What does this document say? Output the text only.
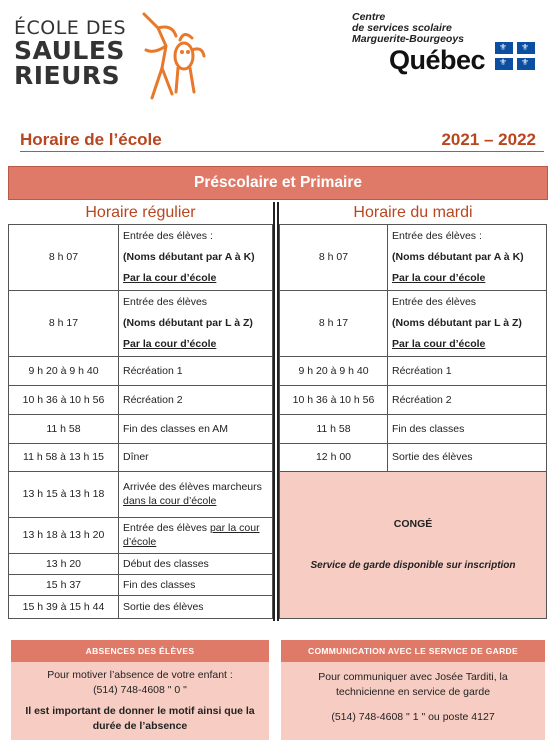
ÉCOLE DES
SAULES
RIEURS
Centre
de services scolaire
Marguerite-Bourgeoys
Québec ⚜ ⚜
⚜ ⚜
Horaire de l’école	2021 – 2022
Préscolaire et Primaire
Horaire régulier	
8 h 07	Entrée des élèves :
(Noms débutant par A à K)
Par la cour d’école

8 h 17	Entrée des élèves
(Noms débutant par L à Z)
Par la cour d’école

9 h 20 à 9 h 40	Récréation 1
10 h 36 à 10 h 56	Récréation 2
11 h 58	Fin des classes en AM
11 h 58 à 13 h 15	Dîner
13 h 15 à 13 h 18	Arrivée des élèves marcheurs dans la cour d’école

13 h 18 à 13 h 20	Entrée des élèves par la cour d’école

13 h 20	Début des classes
15 h 37	Fin des classes
15 h 39 à 15 h 44	Sortie des élèves
Horaire du mardi	
8 h 07	Entrée des élèves :
(Noms débutant par A à K)
Par la cour d’école

8 h 17	Entrée des élèves
(Noms débutant par L à Z)
Par la cour d’école

9 h 20 à 9 h 40	Récréation 1
10 h 36 à 10 h 56	Récréation 2
11 h 58	Fin des classes
12 h 00	Sortie des élèves

CONGÉ
Service de garde disponible sur inscription	
ABSENCES DES ÉLÈVES
Pour motiver l’absence de votre enfant :
(514) 748-4608 " 0 "
Il est important de donner le motif ainsi que la durée de l’absence
COMMUNICATION AVEC LE SERVICE DE GARDE
Pour communiquer avec Josée Tarditi, la technicienne en service de garde
(514) 748-4608 " 1 " ou poste 4127
